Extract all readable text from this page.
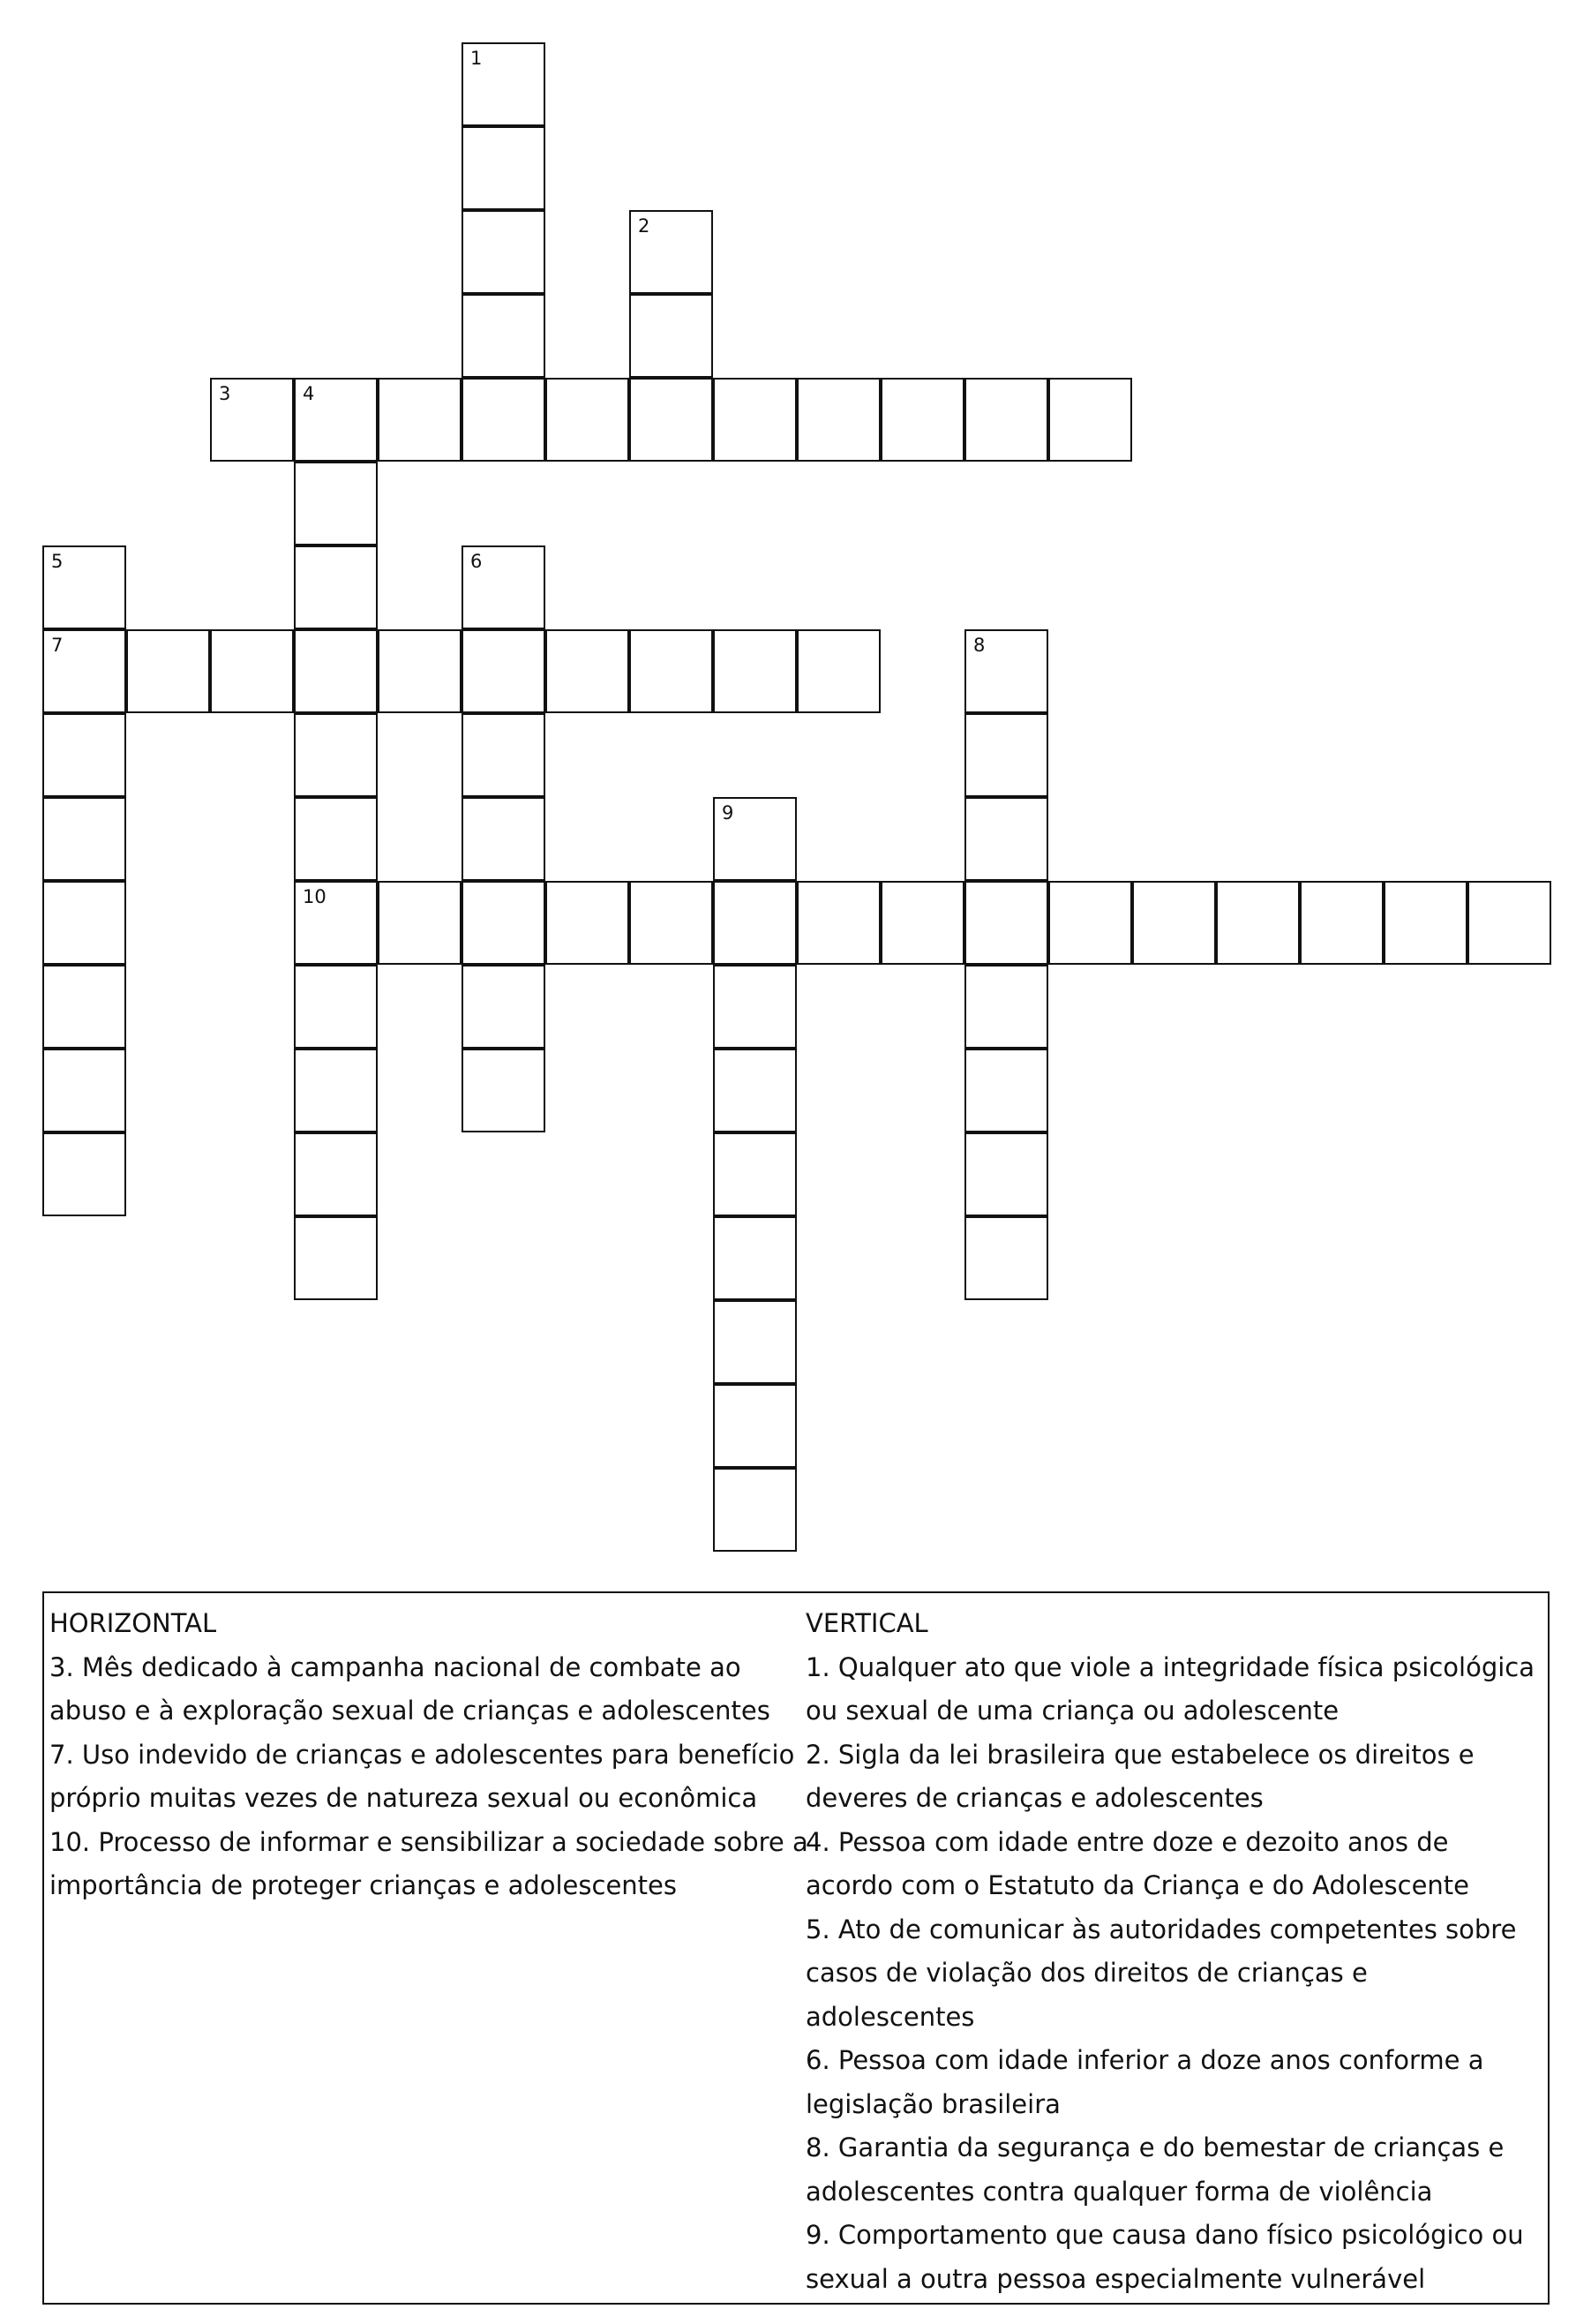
3	4
7
10
1
2
5	6
8
9

HORIZONTAL

3. Mês dedicado à campanha nacional de combate ao abuso e à exploração sexual de crianças e adolescentes

7. Uso indevido de crianças e adolescentes para benefício próprio muitas vezes de natureza sexual ou econômica

10. Processo de informar e sensibilizar a sociedade sobre a importância de proteger crianças e adolescentes

VERTICAL

1. Qualquer ato que viole a integridade física psicológica ou sexual de uma criança ou adolescente

2. Sigla da lei brasileira que estabelece os direitos e deveres de crianças e adolescentes

4. Pessoa com idade entre doze e dezoito anos de acordo com o Estatuto da Criança e do Adolescente

5. Ato de comunicar às autoridades competentes sobre casos de violação dos direitos de crianças e adolescentes

6. Pessoa com idade inferior a doze anos conforme a legislação brasileira

8. Garantia da segurança e do bemestar de crianças e adolescentes contra qualquer forma de violência

9. Comportamento que causa dano físico psicológico ou sexual a outra pessoa especialmente vulnerável
